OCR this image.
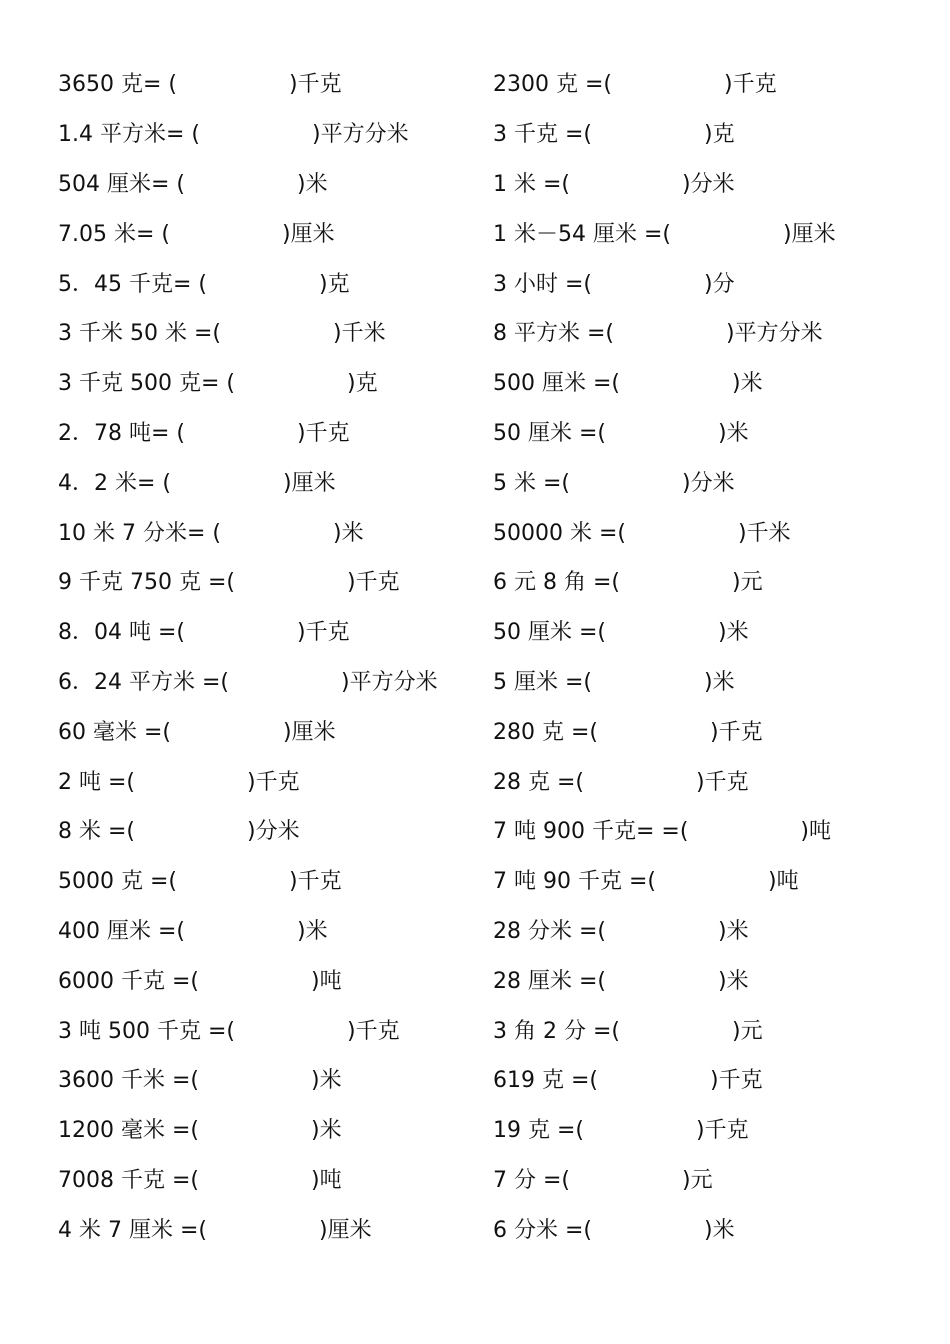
3650 克= (	)千克
1.4 平方米= (	)平方分米
504 厘米= (	)米
7.05 米= (	)厘米
5．45 千克= (	)克
3 千米 50 米 =(	)千米
3 千克 500 克= (	)克
2．78 吨= (	)千克
4．2 米= (	)厘米
10 米 7 分米= (	)米
9 千克 750 克 =(	)千克
8．04 吨 =(	)千克
6．24 平方米 =(	)平方分米
60 毫米 =(	)厘米
2 吨 =(	)千克
8 米 =(	)分米
5000 克 =(	)千克
400 厘米 =(	)米
6000 千克 =(	)吨
3 吨 500 千克 =(	)千克
3600 千米 =(	)米
1200 毫米 =(	)米
7008 千克 =(	)吨
4 米 7 厘米 =(	)厘米
2300 克 =(	)千克
3 千克 =(	)克
1 米 =(	)分米
1 米－54 厘米 =(	)厘米
3 小时 =(	)分
8 平方米 =(	)平方分米
500 厘米 =(	)米
50 厘米 =(	)米
5 米 =(	)分米
50000 米 =(	)千米
6 元 8 角 =(	)元
50 厘米 =(	)米
5 厘米 =(	)米
280 克 =(	)千克
28 克 =(	)千克
7 吨 900 千克= =(	)吨
7 吨 90 千克 =(	)吨
28 分米 =(	)米
28 厘米 =(	)米
3 角 2 分 =(	)元
619 克 =(	)千克
19 克 =(	)千克
7 分 =(	)元
6 分米 =(	)米
